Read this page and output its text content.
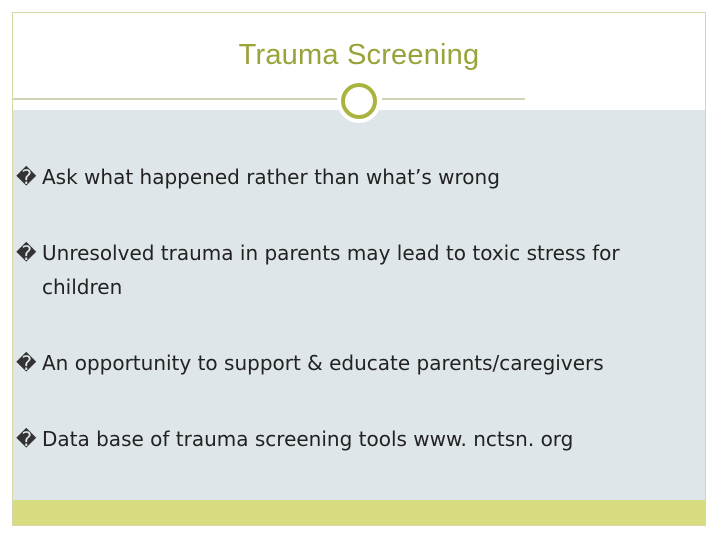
Trauma Screening
� Ask what happened rather than what’s wrong
� Unresolved trauma in parents may lead to toxic stress for children
� An opportunity to support & educate parents/caregivers
� Data base of trauma screening tools www. nctsn. org
